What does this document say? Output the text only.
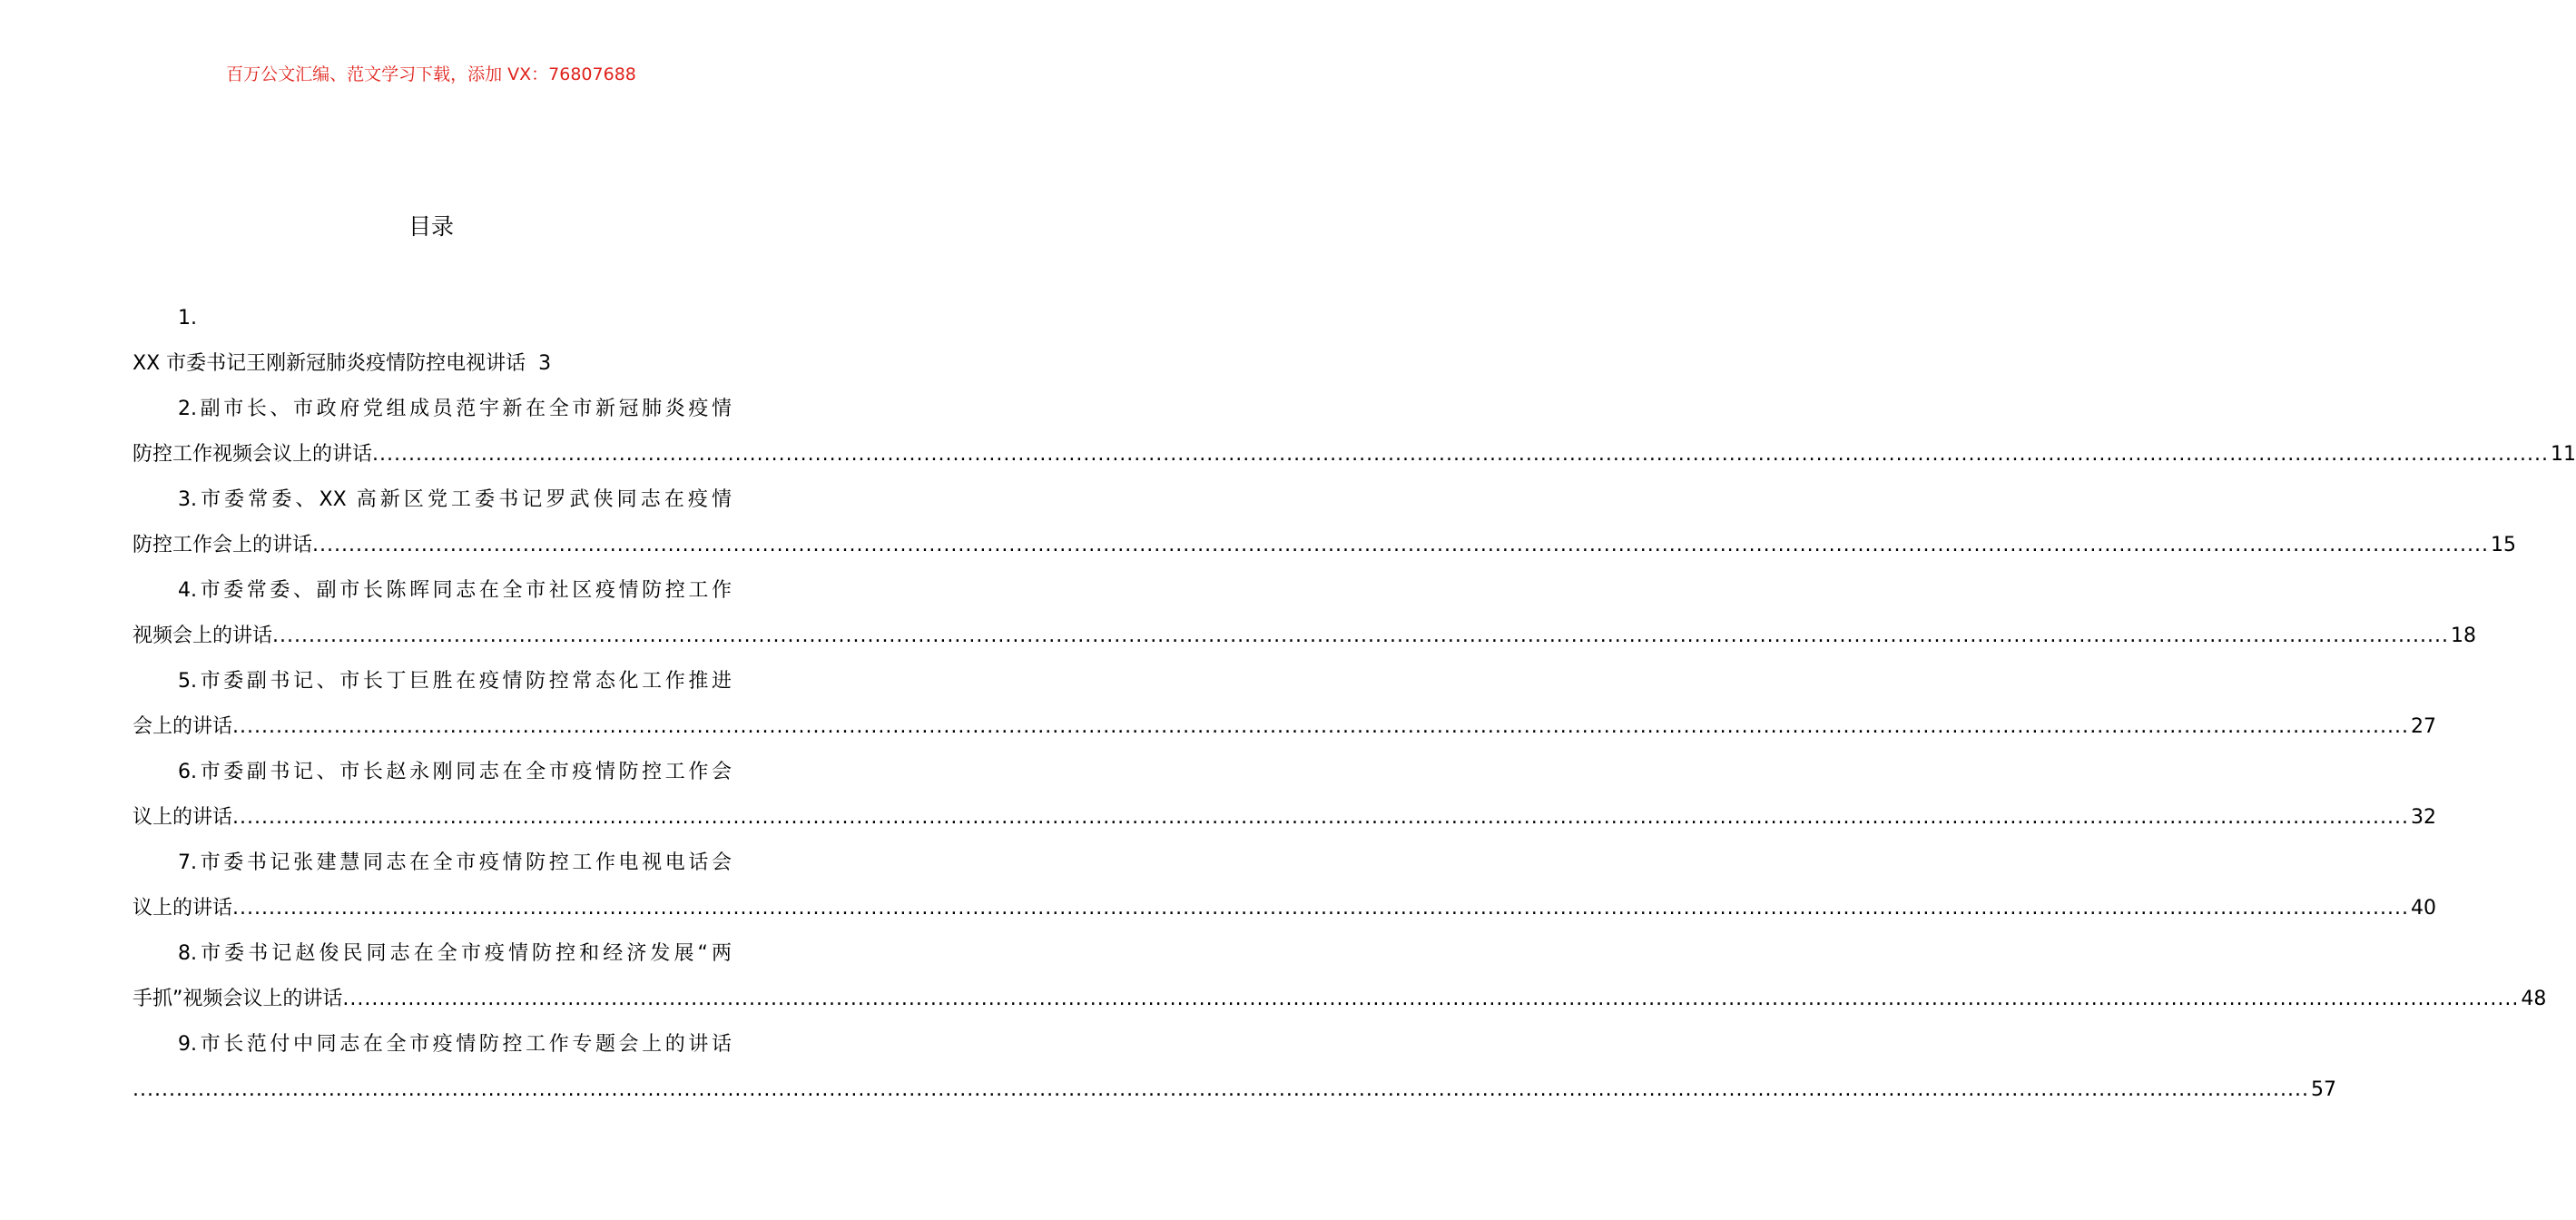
百万公文汇编、范文学习下载，添加 VX：76807688
目录
1.
XX 市委书记王刚新冠肺炎疫情防控电视讲话 3
2.副市长、市政府党组成员范宇新在全市新冠肺炎疫情
防控工作视频会议上的讲话 ............................................................................................................................................................................................................................................................................................................ 11
3.市委常委、XX 高新区党工委书记罗武侠同志在疫情
防控工作会上的讲话 ............................................................................................................................................................................................................................................................................................................ 15
4.市委常委、副市长陈晖同志在全市社区疫情防控工作
视频会上的讲话 ............................................................................................................................................................................................................................................................................................................ 18
5.市委副书记、市长丁巨胜在疫情防控常态化工作推进
会上的讲话 ............................................................................................................................................................................................................................................................................................................ 27
6.市委副书记、市长赵永刚同志在全市疫情防控工作会
议上的讲话 ............................................................................................................................................................................................................................................................................................................ 32
7.市委书记张建慧同志在全市疫情防控工作电视电话会
议上的讲话 ............................................................................................................................................................................................................................................................................................................ 40
8.市委书记赵俊民同志在全市疫情防控和经济发展“两
手抓”视频会议上的讲话 ............................................................................................................................................................................................................................................................................................................ 48
9.市长范付中同志在全市疫情防控工作专题会上的讲话
............................................................................................................................................................................................................................................................................................................ 57
